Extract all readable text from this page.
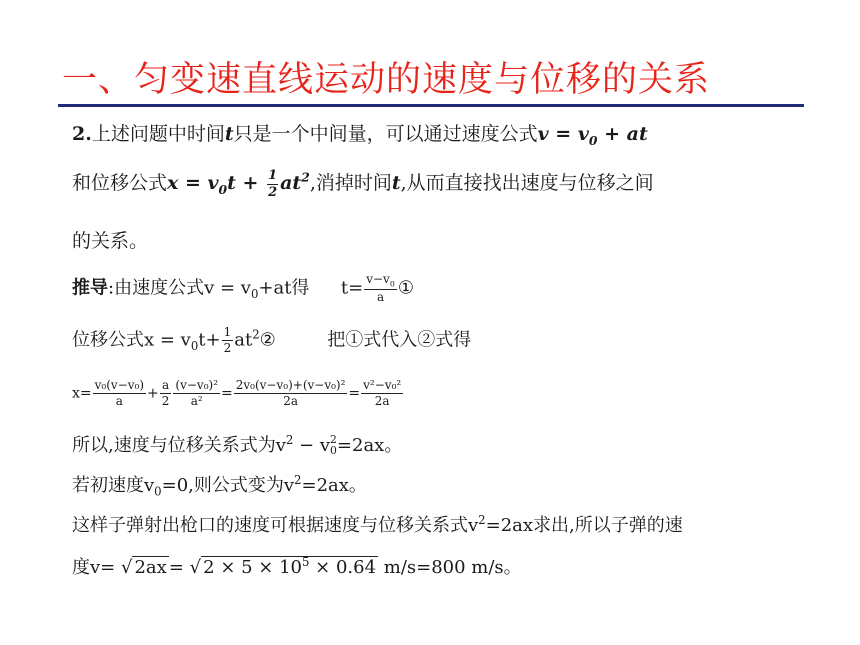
一、匀变速直线运动的速度与位移的关系
2.上述问题中时间t只是一个中间量，可以通过速度公式$v = v_0$ + at
和位移公式$x = v_0t + \frac{1}{2} at^2$,消掉时间t,从而直接找出速度与位移之间
的关系。
推导:由速度公式$v = v_0+at$得 $t= \frac{v-v_0}{a}$ ①
位移公式$x = v_0t+ \frac{1}{2}$ $at^2②$	把①式代入②式得
$x= \frac{\text{v₀(v−v₀)}}{a} + \frac{a}{2} \frac{\text{(v−v₀)²}}{\text{a²}} = \frac{\text{2v₀(v−v₀)+(v−v₀)²}}{2a} = \frac{\text{v²−v₀²}}{2a}$
所以,速度与位移关系式为$v^2 - v$ 2
0 =2ax。
若初速度$v_0=0$,则公式变为$v^2=2ax$。
这样子弹射出枪口的速度可根据速度与位移关系式$v^2=2ax$求出,所以子弹的速
度v= √ 2ax = √ $2 \times 5 \times 10^5 \times 0.64$ m/s=800 m/s。
